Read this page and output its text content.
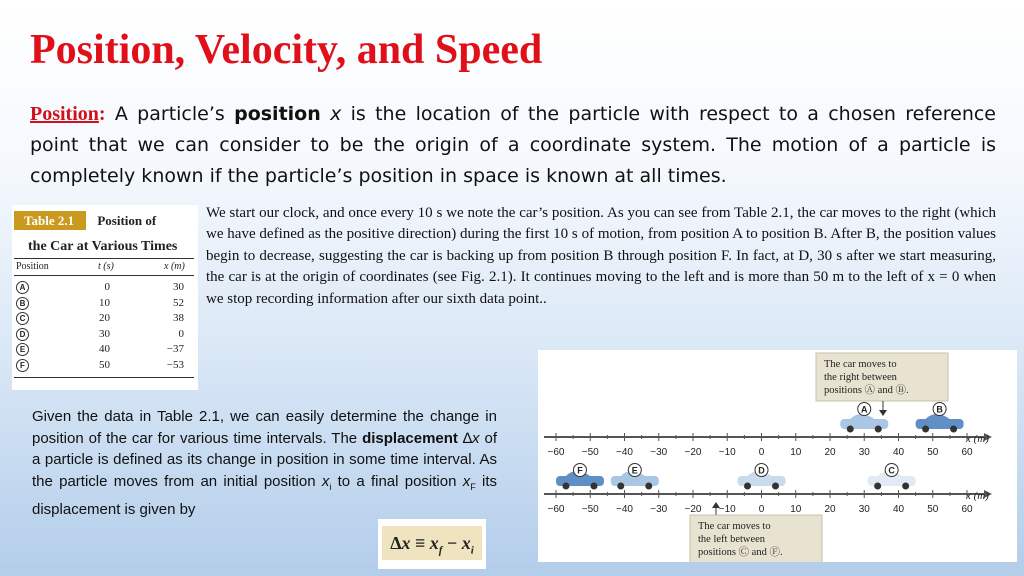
Position, Velocity, and Speed
Position: A particle’s position x is the location of the particle with respect to a chosen reference point that we can consider to be the origin of a coordinate system. The motion of a particle is completely known if the particle’s position in space is known at all times.
Table 2.1 Position of
the Car at Various Times
Position	t (s)	x (m)
A	0	30
B	10	52
C	20	38
D	30	0
E	40	−37
F	50	−53
We start our clock, and once every 10 s we note the car’s position. As you can see from Table 2.1, the car moves to the right (which we have defined as the positive direction) during the first 10 s of motion, from position A to position B. After B, the position values begin to decrease, suggesting the car is backing up from position B through position F. In fact, at D, 30 s after we start measuring, the car is at the origin of coordinates (see Fig. 2.1). It continues moving to the left and is more than 50 m to the left of x = 0 when we stop recording information after our sixth data point..
Given the data in Table 2.1, we can easily determine the change in position of the car for various time intervals. The displacement ∆x of a particle is defined as its change in position in some time interval. As the particle moves from an initial position $x_i$ to a final position $x_F$ its displacement is given by
$\Delta x \equiv x_f - x_i$
The car moves to
the right between
positions Ⓐ and Ⓑ.
x (m)
−60 −50 −40 −30 −20 −10 0	10 20 30 40 50 60
A	B
x (m)
−60 −50 −40 −30 −20 −10 0	10 20 30 40 50 60
F	E	D	C
The car moves to
the left between
positions Ⓒ and Ⓕ.
